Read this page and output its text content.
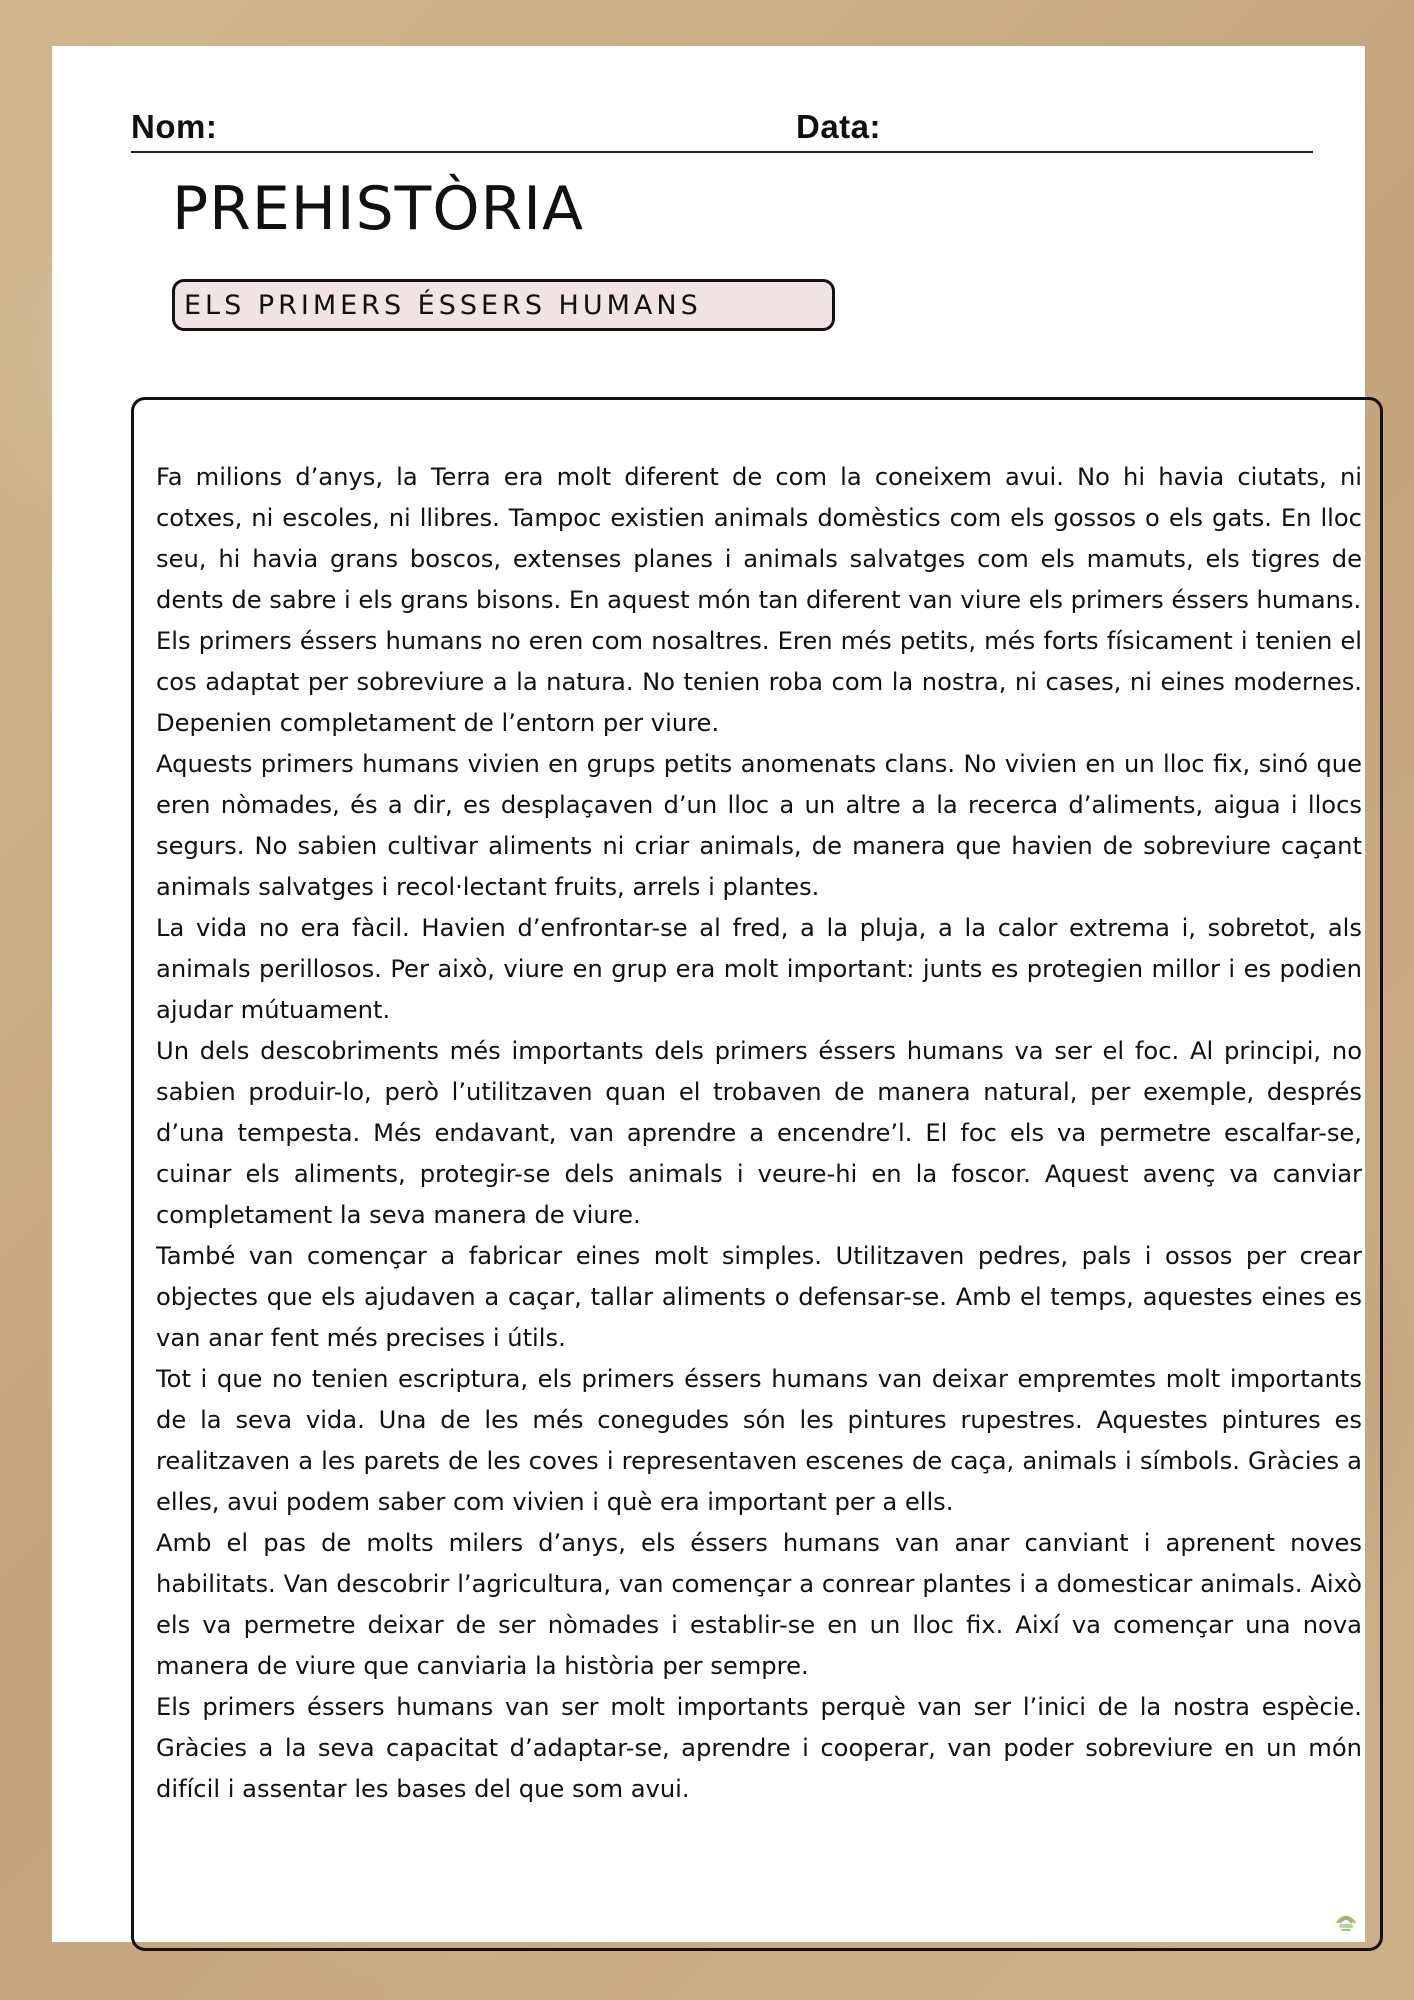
Nom:	Data:
PREHISTÒRIA
ELS PRIMERS ÉSSERS HUMANS

Fa milions d’anys, la Terra era molt diferent de com la coneixem avui. No hi havia ciutats, ni cotxes, ni escoles, ni llibres. Tampoc existien animals domèstics com els gossos o els gats. En lloc seu, hi havia grans boscos, extenses planes i animals salvatges com els mamuts, els tigres de dents de sabre i els grans bisons. En aquest món tan diferent van viure els primers éssers humans.

Els primers éssers humans no eren com nosaltres. Eren més petits, més forts físicament i tenien el cos adaptat per sobreviure a la natura. No tenien roba com la nostra, ni cases, ni eines modernes. Depenien completament de l’entorn per viure.

Aquests primers humans vivien en grups petits anomenats clans. No vivien en un lloc fix, sinó que eren nòmades, és a dir, es desplaçaven d’un lloc a un altre a la recerca d’aliments, aigua i llocs segurs. No sabien cultivar aliments ni criar animals, de manera que havien de sobreviure caçant animals salvatges i recol·lectant fruits, arrels i plantes.

La vida no era fàcil. Havien d’enfrontar-se al fred, a la pluja, a la calor extrema i, sobretot, als animals perillosos. Per això, viure en grup era molt important: junts es protegien millor i es podien ajudar mútuament.

Un dels descobriments més importants dels primers éssers humans va ser el foc. Al principi, no sabien produir-lo, però l’utilitzaven quan el trobaven de manera natural, per exemple, després d’una tempesta. Més endavant, van aprendre a encendre’l. El foc els va permetre escalfar-se, cuinar els aliments, protegir-se dels animals i veure-hi en la foscor. Aquest avenç va canviar completament la seva manera de viure.

També van començar a fabricar eines molt simples. Utilitzaven pedres, pals i ossos per crear objectes que els ajudaven a caçar, tallar aliments o defensar-se. Amb el temps, aquestes eines es van anar fent més precises i útils.

Tot i que no tenien escriptura, els primers éssers humans van deixar empremtes molt importants de la seva vida. Una de les més conegudes són les pintures rupestres. Aquestes pintures es realitzaven a les parets de les coves i representaven escenes de caça, animals i símbols. Gràcies a elles, avui podem saber com vivien i què era important per a ells.

Amb el pas de molts milers d’anys, els éssers humans van anar canviant i aprenent noves habilitats. Van descobrir l’agricultura, van començar a conrear plantes i a domesticar animals. Això els va permetre deixar de ser nòmades i establir-se en un lloc fix. Així va començar una nova manera de viure que canviaria la història per sempre.

Els primers éssers humans van ser molt importants perquè van ser l’inici de la nostra espècie. Gràcies a la seva capacitat d’adaptar-se, aprendre i cooperar, van poder sobreviure en un món difícil i assentar les bases del que som avui.
